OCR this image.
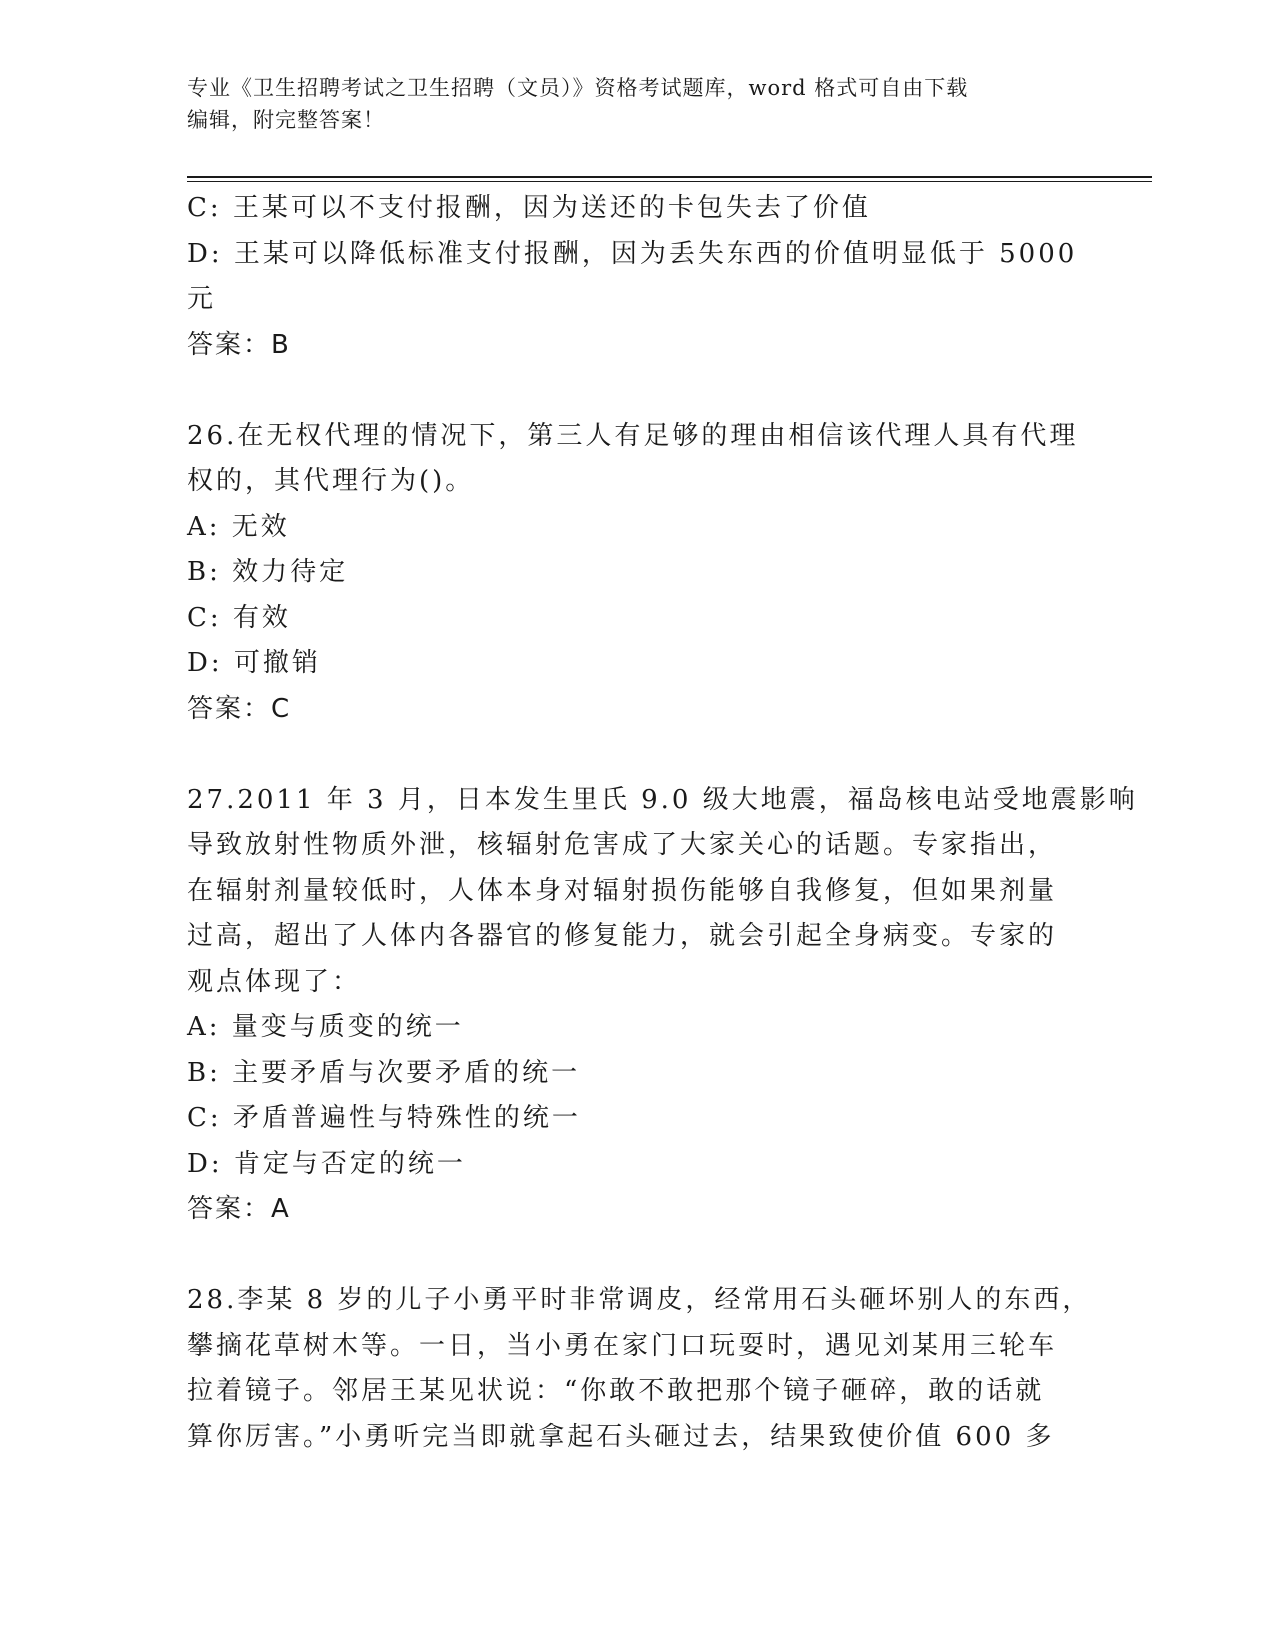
专业《卫生招聘考试之卫生招聘（文员）》资格考试题库，word 格式可自由下载
编辑，附完整答案！
C: 王某可以不支付报酬，因为送还的卡包失去了价值
D: 王某可以降低标准支付报酬，因为丢失东西的价值明显低于 5000
元
答案：B
26.在无权代理的情况下，第三人有足够的理由相信该代理人具有代理
权的，其代理行为()。
A: 无效
B: 效力待定
C: 有效
D: 可撤销
答案：C
27.2011 年 3 月，日本发生里氏 9.0 级大地震，福岛核电站受地震影响
导致放射性物质外泄，核辐射危害成了大家关心的话题。专家指出，
在辐射剂量较低时，人体本身对辐射损伤能够自我修复，但如果剂量
过高，超出了人体内各器官的修复能力，就会引起全身病变。专家的
观点体现了：
A: 量变与质变的统一
B: 主要矛盾与次要矛盾的统一
C: 矛盾普遍性与特殊性的统一
D: 肯定与否定的统一
答案：A
28.李某 8 岁的儿子小勇平时非常调皮，经常用石头砸坏别人的东西，
攀摘花草树木等。一日，当小勇在家门口玩耍时，遇见刘某用三轮车
拉着镜子。邻居王某见状说：“你敢不敢把那个镜子砸碎，敢的话就
算你厉害。”小勇听完当即就拿起石头砸过去，结果致使价值 600 多
